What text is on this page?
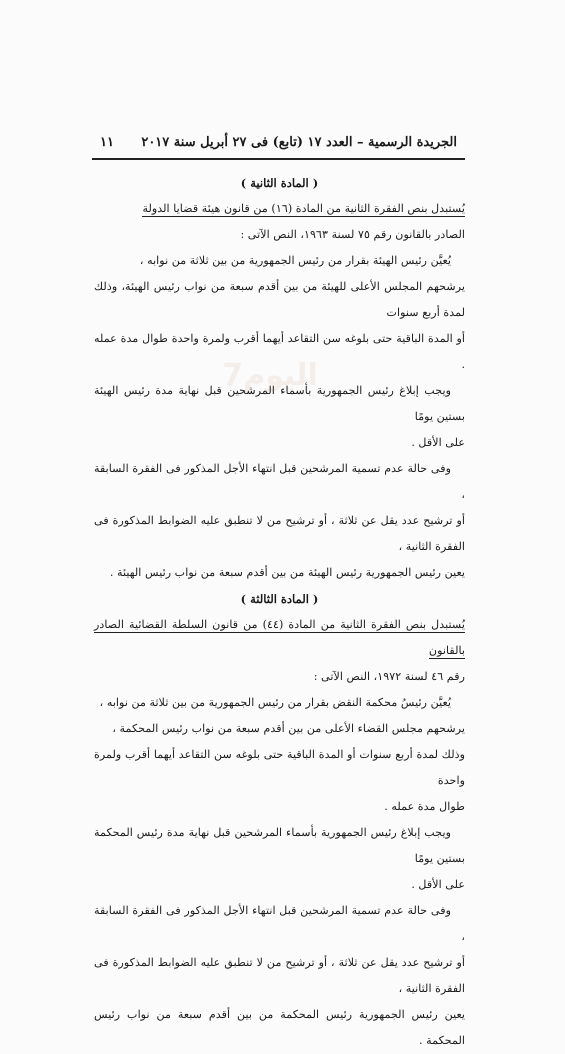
الجريدة الرسمية – العدد ١٧ (تابع) فى ٢٧ أبريل سنة ٢٠١٧
١١
اليوم7

( المادة الثانية )

يُستبدل بنص الفقرة الثانية من المادة (١٦) من قانون هيئة قضايا الدولة

الصادر بالقانون رقم ٧٥ لسنة ١٩٦٣، النص الآتى :

يُعيَّن رئيس الهيئة بقرار من رئيس الجمهورية من بين ثلاثة من نوابه ،

يرشحهم المجلس الأعلى للهيئة من بين أقدم سبعة من نواب رئيس الهيئة، وذلك لمدة أربع سنوات

أو المدة الباقية حتى بلوغه سن التقاعد أيهما أقرب ولمرة واحدة طوال مدة عمله .

ويجب إبلاغ رئيس الجمهورية بأسماء المرشحين قبل نهاية مدة رئيس الهيئة بستين يومًا

على الأقل .

وفى حالة عدم تسمية المرشحين قبل انتهاء الأجل المذكور فى الفقرة السابقة ،

أو ترشيح عدد يقل عن ثلاثة ، أو ترشيح من لا تنطبق عليه الضوابط المذكورة فى الفقرة الثانية ،

يعين رئيس الجمهورية رئيس الهيئة من بين أقدم سبعة من نواب رئيس الهيئة .

( المادة الثالثة )

يُستبدل بنص الفقرة الثانية من المادة (٤٤) من قانون السلطة القضائية الصادر بالقانون

رقم ٤٦ لسنة ١٩٧٢، النص الآتى :

يُعيَّن رئيسُ محكمة النقض بقرار من رئيس الجمهورية من بين ثلاثة من نوابه ،

يرشحهم مجلس القضاء الأعلى من بين أقدم سبعة من نواب رئيس المحكمة ،

وذلك لمدة أربع سنوات أو المدة الباقية حتى بلوغه سن التقاعد أيهما أقرب ولمرة واحدة

طوال مدة عمله .

ويجب إبلاغ رئيس الجمهورية بأسماء المرشحين قبل نهاية مدة رئيس المحكمة بستين يومًا

على الأقل .

وفى حالة عدم تسمية المرشحين قبل انتهاء الأجل المذكور فى الفقرة السابقة ،

أو ترشيح عدد يقل عن ثلاثة ، أو ترشيح من لا تنطبق عليه الضوابط المذكورة فى الفقرة الثانية ،

يعين رئيس الجمهورية رئيس المحكمة من بين أقدم سبعة من نواب رئيس المحكمة .
